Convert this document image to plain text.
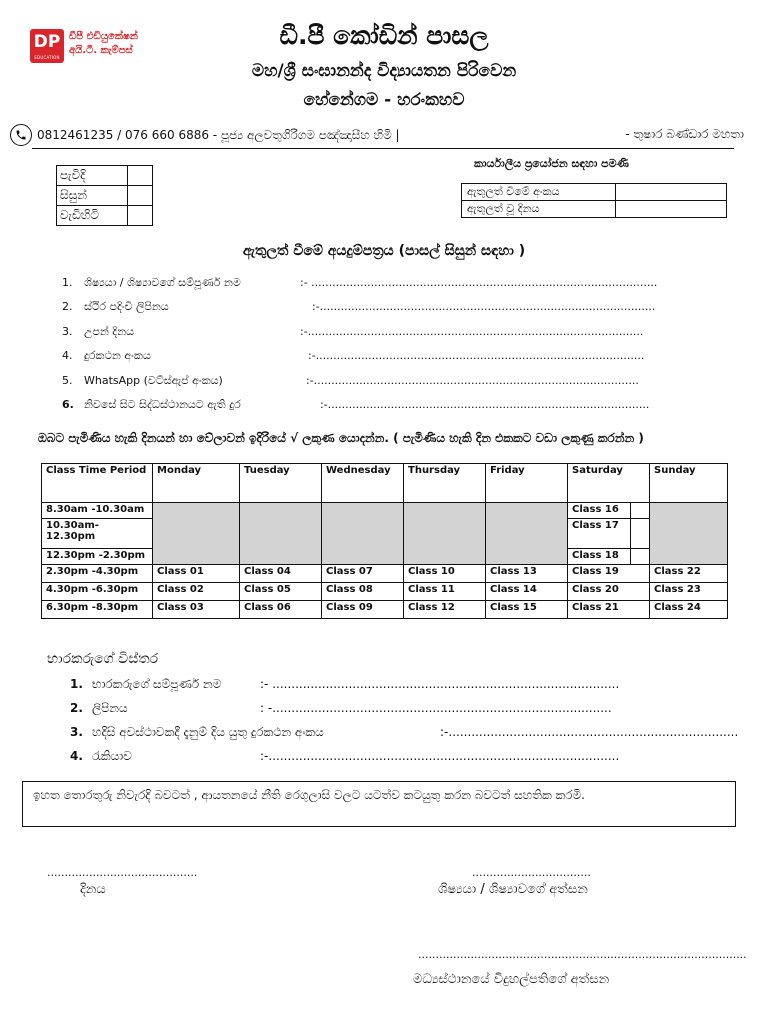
DP
EDUCATION
ඩීපී එඩියුකේෂන්
අයි.ටී. කැම්පස්
ඩී.පී කෝඩින් පාසල
මහ/ශ්‍රී සංඝානන්ද විද්‍යායතන පිරිවෙන
හේනේගම - හරංකහව
0812461235 / 076 660 6886 - පූජ්‍ය අලවතුගිරිගම පඤ්ඤාසීහ හිමි |	- තුෂාර බණ්ඩාර මහතා
පැවිදි	
සිසුන්	
වැඩිහිටි	
කාර්යාලීය ප්‍රයෝජන සඳහා පමණි
ඇතුලත් වීමේ අංකය	
ඇතුලත් වූ දිනය	
ඇතුලත් වීමේ අයදුම්පත්‍රය (පාසල් සිසුන් සඳහා )
1. ශිෂ්‍යයා / ශිෂ්‍යාවගේ සම්පූර්ණ නම	:- ...................................................................................................
2. ස්ථිර පදිංචි ලිපිනය	:-................................................................................................
3. උපන් දිනය	:-................................................................................................
4. දුරකථන අංකය	:-..............................................................................................
5. WhatsApp (වට්ස්ඇප් අංකය)	:-.............................................................................................
6. නිවසේ සිට සිද්ධස්ථානයට ඇති දුර	:-............................................................................................
ඔබට පැමිණිය හැකි දිනයන් හා වේලාවන් ඉදිරියේ √ ලකුණ යොදන්න. ( පැමිණිය හැකි දින එකකට වඩා ලකුණු කරන්න )
Class Time Period	Monday	Tuesday	Wednesday	Thursday	Friday	Saturday		Sunday
8.30am -10.30am						Class 16		
10.30am-12.30pm						Class 17		
12.30pm -2.30pm						Class 18		
2.30pm -4.30pm	Class 01	Class 04	Class 07	Class 10	Class 13	Class 19		Class 22
4.30pm -6.30pm	Class 02	Class 05	Class 08	Class 11	Class 14	Class 20		Class 23
6.30pm -8.30pm	Class 03	Class 06	Class 09	Class 12	Class 15	Class 21		Class 24
භාරකරුගේ විස්තර
1. භාරකරුගේ සම්පූර්ණ නම	:- ...........................................................................................
2. ලිපිනය	: -.........................................................................................
3. හදිසි අවස්ථාවකදී දැනුම් දිය යුතු දුරකථන අංකය	:-............................................................................
4. රැකියාව	:-............................................................................................
ඉහත තොරතුරු නිවැරදි බවටත් , ආයතනයේ නීති රෙගුලාසි වලට යටත්ව කටයුතු කරන බවටත් සහතික කරමි.
...........................................
දිනය
..................................
ශිෂ්‍යයා / ශිෂ්‍යාවගේ අත්සන
..............................................................................................
මධ්‍යස්ථානයේ විදුහල්පතිගේ අත්සන
